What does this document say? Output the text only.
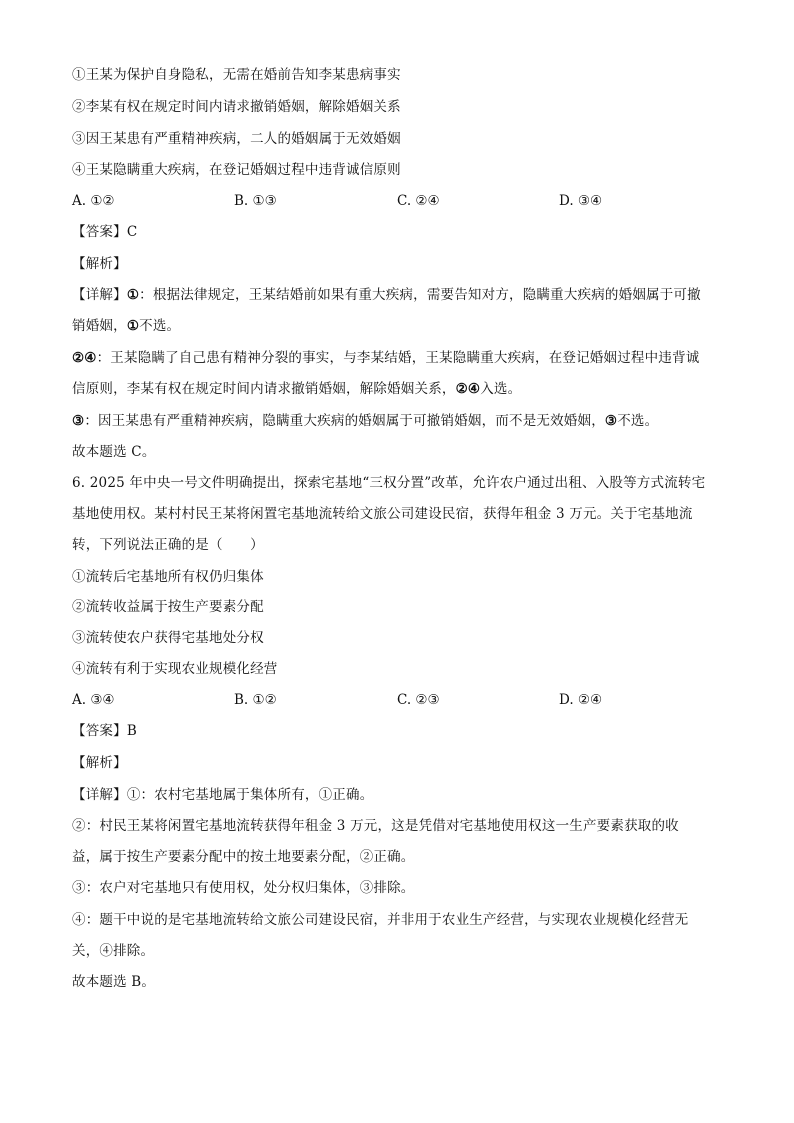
①王某为保护自身隐私，无需在婚前告知李某患病事实
②李某有权在规定时间内请求撤销婚姻，解除婚姻关系
③因王某患有严重精神疾病，二人的婚姻属于无效婚姻
④王某隐瞒重大疾病，在登记婚姻过程中违背诚信原则
A. ①②	B. ①③	C. ②④	D. ③④
【答案】C
【解析】
【详解】①：根据法律规定，王某结婚前如果有重大疾病，需要告知对方，隐瞒重大疾病的婚姻属于可撤
销婚姻，①不选。
②④：王某隐瞒了自己患有精神分裂的事实，与李某结婚，王某隐瞒重大疾病，在登记婚姻过程中违背诚
信原则，李某有权在规定时间内请求撤销婚姻，解除婚姻关系，②④入选。
③：因王某患有严重精神疾病，隐瞒重大疾病的婚姻属于可撤销婚姻，而不是无效婚姻，③不选。
故本题选 C。
6. 2025 年中央一号文件明确提出，探索宅基地“三权分置”改革，允许农户通过出租、入股等方式流转宅
基地使用权。某村村民王某将闲置宅基地流转给文旅公司建设民宿，获得年租金 3 万元。关于宅基地流
转，下列说法正确的是（　　）
①流转后宅基地所有权仍归集体
②流转收益属于按生产要素分配
③流转使农户获得宅基地处分权
④流转有利于实现农业规模化经营
A. ③④	B. ①②	C. ②③	D. ②④
【答案】B
【解析】
【详解】①：农村宅基地属于集体所有，①正确。
②：村民王某将闲置宅基地流转获得年租金 3 万元，这是凭借对宅基地使用权这一生产要素获取的收
益，属于按生产要素分配中的按土地要素分配，②正确。
③：农户对宅基地只有使用权，处分权归集体，③排除。
④：题干中说的是宅基地流转给文旅公司建设民宿，并非用于农业生产经营，与实现农业规模化经营无
关，④排除。
故本题选 B。
